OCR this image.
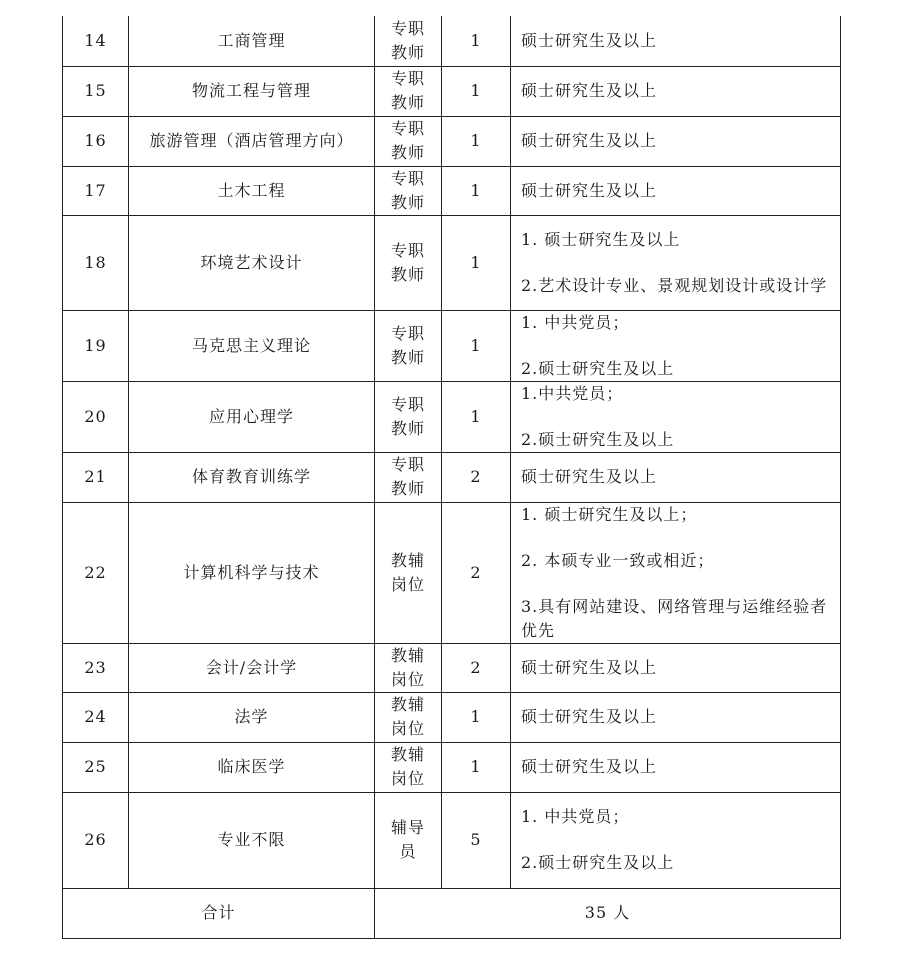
14	工商管理	专职教师	1	硕士研究生及以上

15	物流工程与管理	专职教师	1	硕士研究生及以上

16	旅游管理（酒店管理方向）	专职教师	1	硕士研究生及以上

17	土木工程	专职教师	1	硕士研究生及以上

18	环境艺术设计	专职教师	1	1. 硕士研究生及以上
2.艺术设计专业、景观规划设计或设计学

19	马克思主义理论	专职教师	1	1. 中共党员；
2.硕士研究生及以上

20	应用心理学	专职教师	1	1.中共党员；
2.硕士研究生及以上

21	体育教育训练学	专职教师	2	硕士研究生及以上

22	计算机科学与技术	教辅岗位	2	1. 硕士研究生及以上；
2. 本硕专业一致或相近；
3.具有网站建设、网络管理与运维经验者优先

23	会计/会计学	教辅岗位	2	硕士研究生及以上

24	法学	教辅岗位	1	硕士研究生及以上

25	临床医学	教辅岗位	1	硕士研究生及以上

26	专业不限	辅导员	5	1. 中共党员；
2.硕士研究生及以上

合计		35 人		
